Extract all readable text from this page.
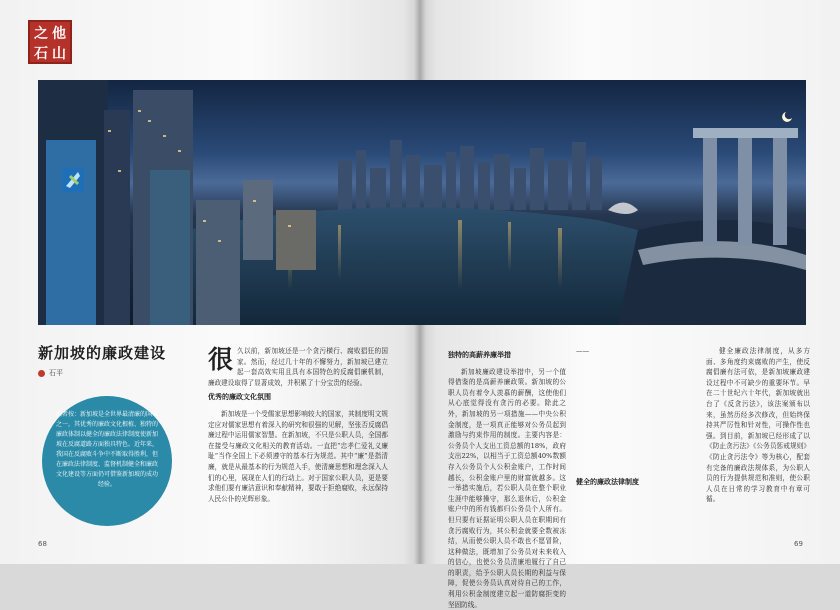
之 他
石 山
新加坡的廉政建设
石平
编者按：新加坡是全世界最清廉的国家之一，其优秀的廉政文化根植、独特的廉政体制以健全的廉政法律制度使新加坡在反腐道路方面独具特色。近年来，我国在反腐败斗争中不断取得胜利，但在廉政法律制度、监督机制健全和廉政文化建设等方面仍可借鉴新加坡的成功经验。

很久以前，新加坡还是一个贪污横行、腐败猖狂的国家。然而，经过几十年的不懈努力，新加坡已建立起一套高效实用且具有本国特色的反腐倡廉机制，廉政建设取得了显著成效，并积累了十分宝贵的经验。

优秀的廉政文化氛围

新加坡是一个受儒家思想影响较大的国家，其制度明文规定应对儒家思想有着深入的研究和很强的见解，坚张否反腐倡廉过程中运用儒家智慧。在新加坡，不只是公职人员，全国都在接受与廉政文化相关的教育活动。一直把“忠孝仁爱礼义廉耻”当作全国上下必须遵守的基本行为规范。其中“廉”是指清廉，就是从最基本的行为规范入手，使清廉思想和理念深入人们的心里，展现在人们的行动上。对于国家公职人员，更是要求他们要有廉洁意识和奉献精神，要敢于拒绝腐败，永远保持人民公仆的光辉形象。

独特的高薪养廉举措

新加坡廉政建设举措中，另一个值得借鉴的是高薪养廉政策。新加坡的公职人员有着令人羡慕的薪酬，这使他们从心底觉得没有贪污的必要。除此之外，新加坡的另一项措施——中央公积金制度，是一项真正能够对公务员起到激励与约束作用的制度。主要内容是：公务员个人支出工资总额的18%，政府支出22%，以相当于工资总额40%数额存入公务员个人公积金账户，工作时间越长，公积金账户里的财富就越多。这一举措实施后，若公职人员在整个职业生涯中能够操守，那么退休后，公积金账户中的所有钱都归公务员个人所有。但只要有证据证明公职人员在职期间有贪污腐败行为，其公积金就要全数被冻结，从而使公职人员不敢也不愿冒险，这种做法，既增加了公务员对未来收入的信心，也使公务员清廉地履行了自己的职责，给予公职人员长期的利益与保障，促使公务员认真对待自己的工作，利用公积金制度建立起一道防腐拒变的坚固防线。

——

健全的廉政法律制度

健全廉政法律制度，从多方面、多角度约束腐败的产生，使反腐倡廉有法可依，是新加坡廉政建设过程中不可缺少的重要环节。早在二十世纪六十年代，新加坡就出台了《反贪污法》，该法案颁布以来，虽然历经多次修改，但始终保持其严厉性和针对性，可操作性也强。到目前，新加坡已经形成了以《防止贪污法》《公务员惩戒规则》《防止贪污法令》等为核心，配套有完备的廉政法规体系，为公职人员的行为提供规范和准则，使公职人员在日常的学习教育中有章可循。

68	69
